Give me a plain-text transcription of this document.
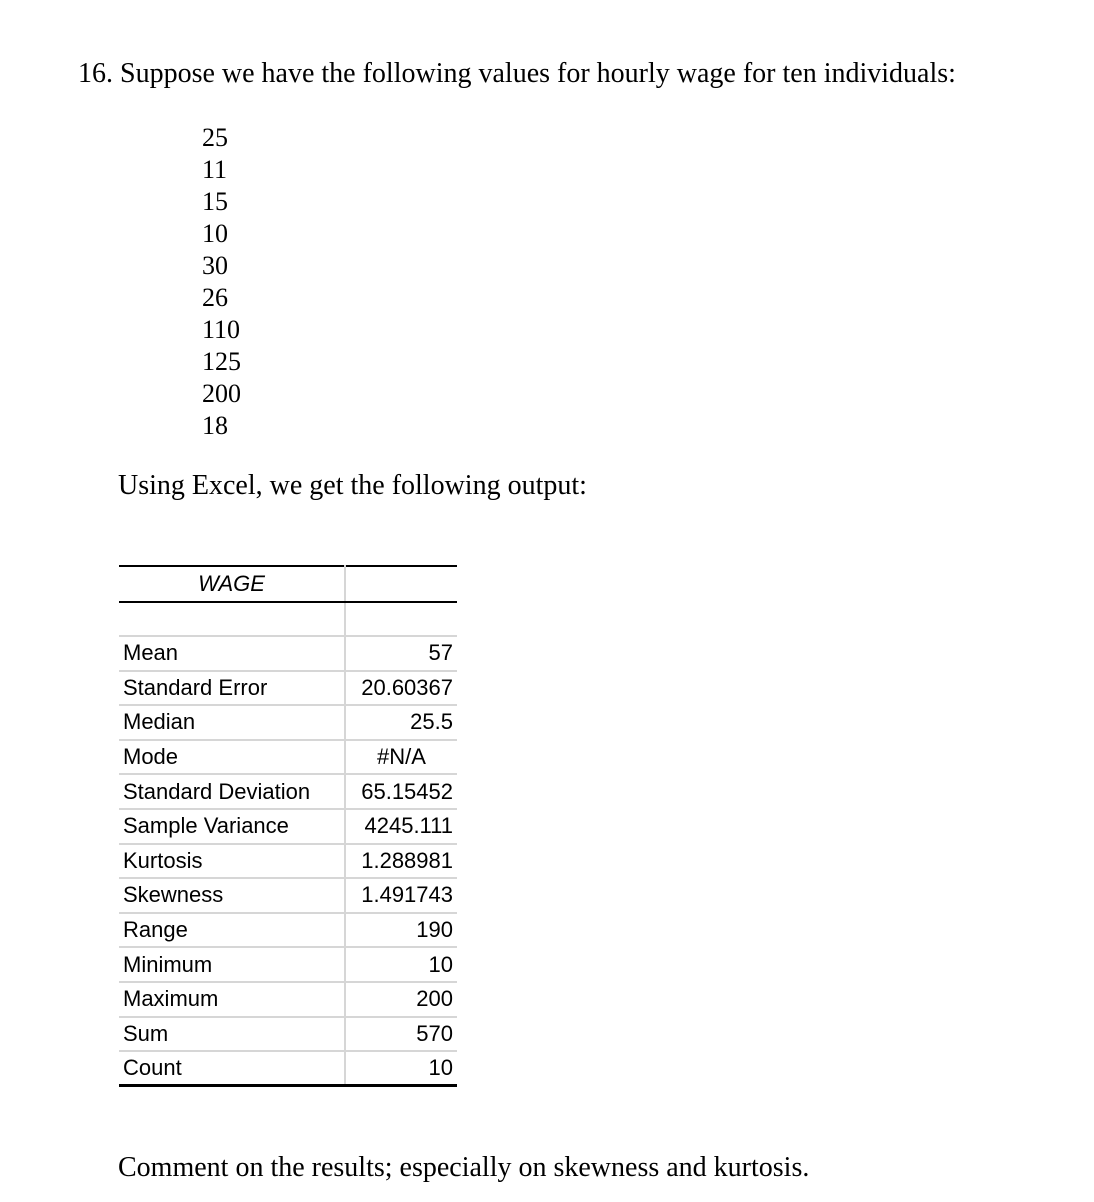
16. Suppose we have the following values for hourly wage for ten individuals:
25
11
15
10
30
26
110
125
200
18
Using Excel, we get the following output:
WAGE	

Mean	57
Standard Error	20.60367
Median	25.5
Mode	#N/A
Standard Deviation	65.15452
Sample Variance	4245.111
Kurtosis	1.288981
Skewness	1.491743
Range	190
Minimum	10
Maximum	200
Sum	570
Count	10
Comment on the results; especially on skewness and kurtosis.
